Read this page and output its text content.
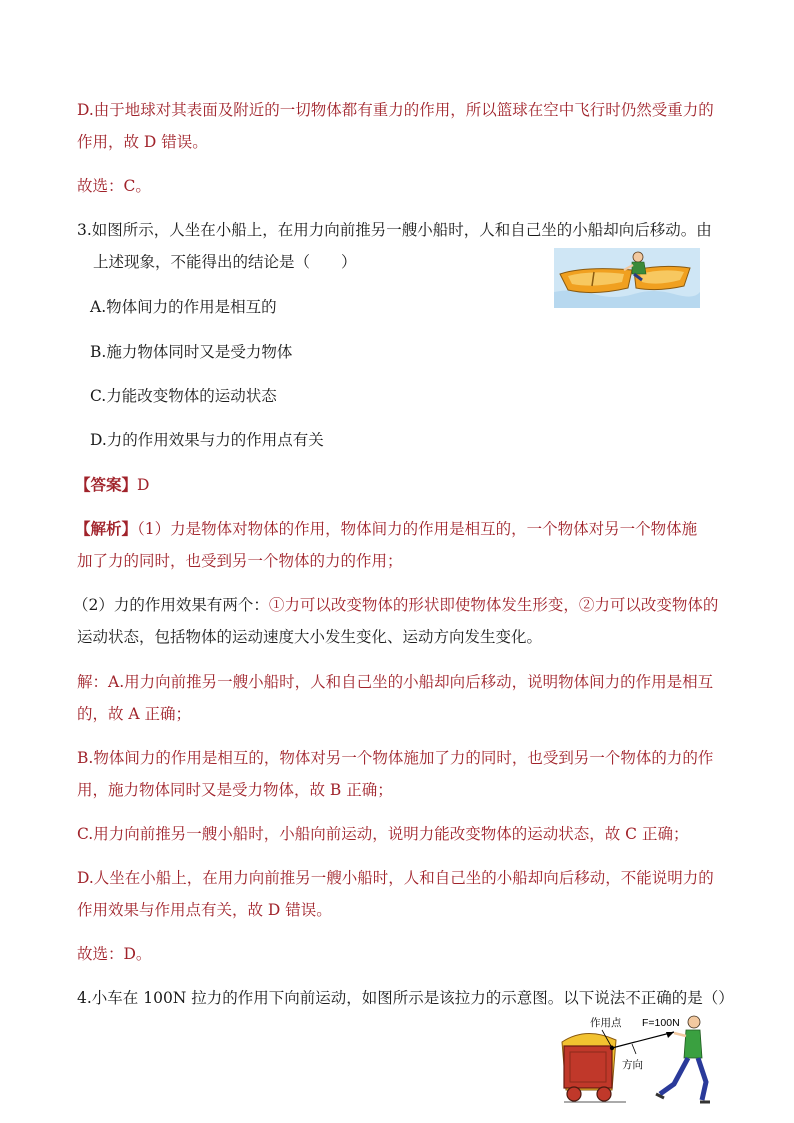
D.由于地球对其表面及附近的一切物体都有重力的作用，所以篮球在空中飞行时仍然受重力的
作用，故 D 错误。
故选：C。
3.如图所示，人坐在小船上，在用力向前推另一艘小船时，人和自己坐的小船却向后移动。由
上述现象，不能得出的结论是（　　）
A.物体间力的作用是相互的
B.施力物体同时又是受力物体
C.力能改变物体的运动状态
D.力的作用效果与力的作用点有关
【答案】D
【解析】（1）力是物体对物体的作用，物体间力的作用是相互的，一个物体对另一个物体施
加了力的同时，也受到另一个物体的力的作用；
（2）力的作用效果有两个：①力可以改变物体的形状即使物体发生形变，②力可以改变物体的
运动状态，包括物体的运动速度大小发生变化、运动方向发生变化。
解：A.用力向前推另一艘小船时，人和自己坐的小船却向后移动，说明物体间力的作用是相互
的，故 A 正确；
B.物体间力的作用是相互的，物体对另一个物体施加了力的同时，也受到另一个物体的力的作
用，施力物体同时又是受力物体，故 B 正确；
C.用力向前推另一艘小船时，小船向前运动，说明力能改变物体的运动状态，故 C 正确；
D.人坐在小船上，在用力向前推另一艘小船时，人和自己坐的小船却向后移动，不能说明力的
作用效果与作用点有关，故 D 错误。
故选：D。
4.小车在 100N 拉力的作用下向前运动，如图所示是该拉力的示意图。以下说法不正确的是（）
作用点 F=100N
方向
